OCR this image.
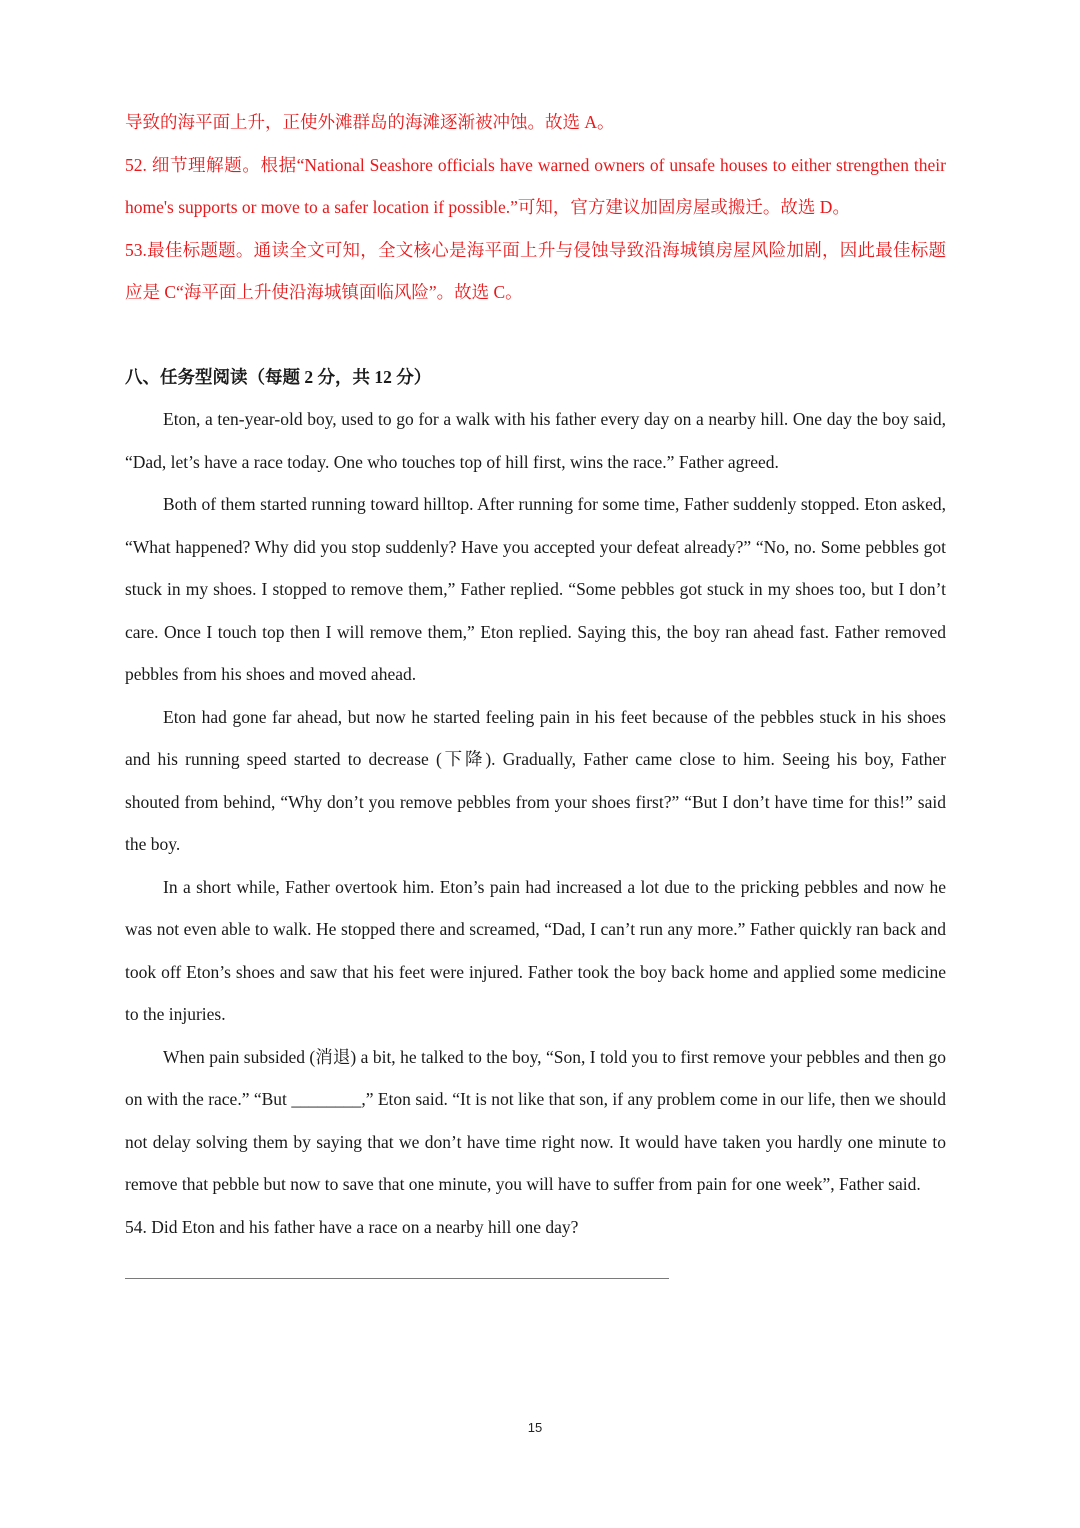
导致的海平面上升，正使外滩群岛的海滩逐渐被冲蚀。故选 A。

52. 细节理解题。根据“National Seashore officials have warned owners of unsafe houses to either strengthen their home's supports or move to a safer location if possible.”可知，官方建议加固房屋或搬迁。故选 D。

53.最佳标题题。通读全文可知，全文核心是海平面上升与侵蚀导致沿海城镇房屋风险加剧，因此最佳标题应是 C“海平面上升使沿海城镇面临风险”。故选 C。

八、任务型阅读（每题 2 分，共 12 分）

Eton, a ten-year-old boy, used to go for a walk with his father every day on a nearby hill. One day the boy said, “Dad, let’s have a race today. One who touches top of hill first, wins the race.” Father agreed.

Both of them started running toward hilltop. After running for some time, Father suddenly stopped. Eton asked, “What happened? Why did you stop suddenly? Have you accepted your defeat already?” “No, no. Some pebbles got stuck in my shoes. I stopped to remove them,” Father replied. “Some pebbles got stuck in my shoes too, but I don’t care. Once I touch top then I will remove them,” Eton replied. Saying this, the boy ran ahead fast. Father removed pebbles from his shoes and moved ahead.

Eton had gone far ahead, but now he started feeling pain in his feet because of the pebbles stuck in his shoes and his running speed started to decrease (下降). Gradually, Father came close to him. Seeing his boy, Father shouted from behind, “Why don’t you remove pebbles from your shoes first?” “But I don’t have time for this!” said the boy.

In a short while, Father overtook him. Eton’s pain had increased a lot due to the pricking pebbles and now he was not even able to walk. He stopped there and screamed, “Dad, I can’t run any more.” Father quickly ran back and took off Eton’s shoes and saw that his feet were injured. Father took the boy back home and applied some medicine to the injuries.

When pain subsided (消退) a bit, he talked to the boy, “Son, I told you to first remove your pebbles and then go on with the race.” “But ________,” Eton said. “It is not like that son, if any problem come in our life, then we should not delay solving them by saying that we don’t have time right now. It would have taken you hardly one minute to remove that pebble but now to save that one minute, you will have to suffer from pain for one week”, Father said.

54. Did Eton and his father have a race on a nearby hill one day?

15
